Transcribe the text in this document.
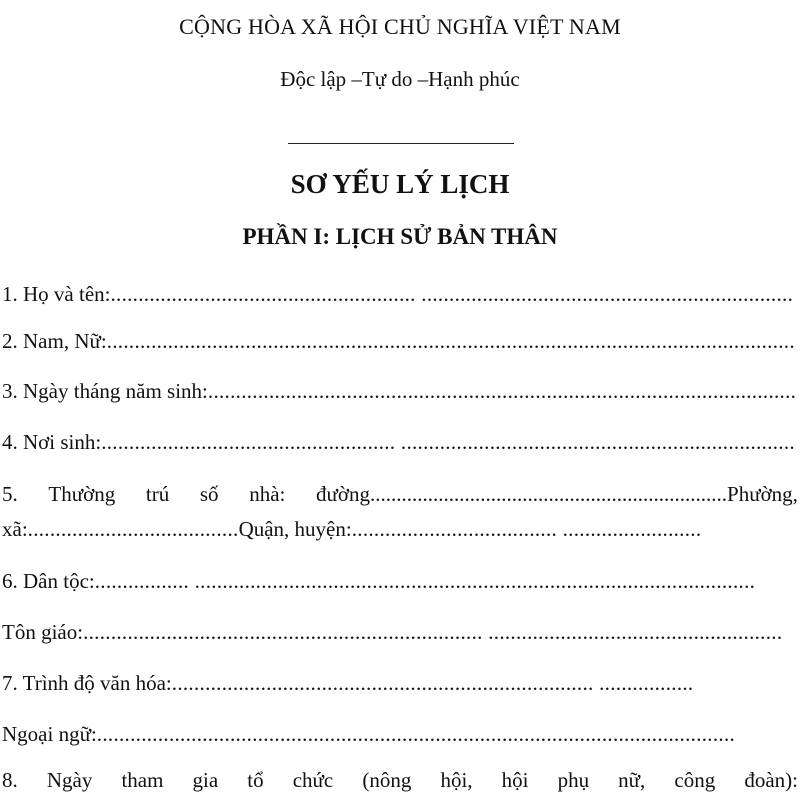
CỘNG HÒA XÃ HỘI CHỦ NGHĨA VIỆT NAM
Độc lập –Tự do –Hạnh phúc
SƠ YẾU LÝ LỊCH
PHẦN I: LỊCH SỬ BẢN THÂN
1. Họ và tên:....................................................... ...................................................................
2. Nam, Nữ:............................................................................................................................
3. Ngày tháng năm sinh:..........................................................................................................
4. Nơi sinh:..................................................... .......................................................................
5. Thường trú số nhà: đường....................................................................Phường,
xã:......................................Quận, huyện:..................................... .........................
6. Dân tộc:................. .....................................................................................................
Tôn giáo:........................................................................ .....................................................
7. Trình độ văn hóa:............................................................................ .................
Ngoại ngữ:...................................................................................................................
8. Ngày tham gia tổ chức (nông hội, hội phụ nữ, công đoàn):
